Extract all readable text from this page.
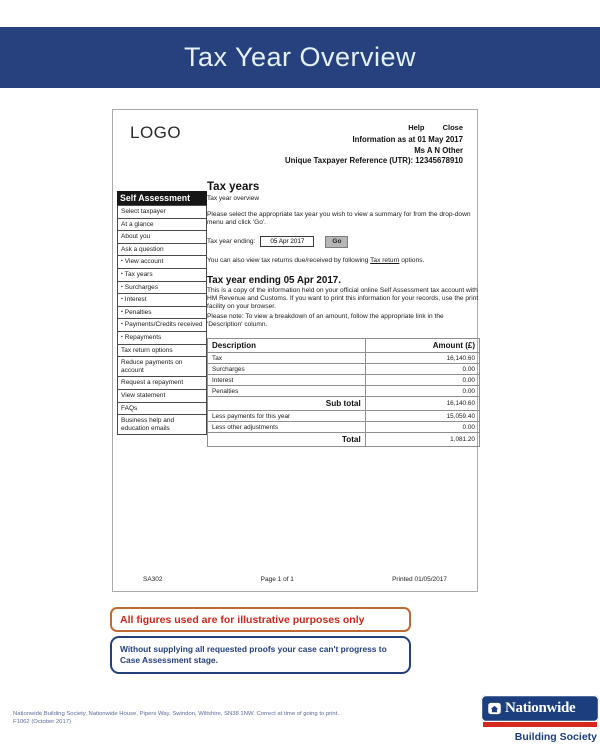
Tax Year Overview
LOGO	Help Close
Information as at 01 May 2017
Ms A N Other
Unique Taxpayer Reference (UTR): 12345678910
Self Assessment
Select taxpayer
At a glance
About you
Ask a question
▪ View account
▪ Tax years
▪ Surcharges
▪ Interest
▪ Penalties
▪ Payments/Credits received
▪ Repayments
Tax return options
Reduce payments on account
Request a repayment
View statement
FAQs
Business help and education emails
Tax years
Tax year overview

Please select the appropriate tax year you wish to view a summary for from the drop-down menu and click 'Go'.

Tax year ending:
05 Apr 2017	Go

You can also view tax returns due/received by following Tax return options.

Tax year ending 05 Apr 2017.

This is a copy of the information held on your official online Self Assessment tax account with HM Revenue and Customs. If you want to print this information for your records, use the print facility on your browser.

Please note: To view a breakdown of an amount, follow the appropriate link in the 'Description' column.

Description	Amount (£)
Tax	16,140.60
Surcharges	0.00
Interest	0.00
Penalties	0.00
Sub total	16,140.60
Less payments for this year	15,059.40
Less other adjustments	0.00
Total	1,081.20
SA302	Page 1 of 1	Printed 01/05/2017
All figures used are for illustrative purposes only
Without supplying all requested proofs your case can't progress to Case Assessment stage.
Nationwide Building Society, Nationwide House, Pipers Way, Swindon, Wiltshire, SN38 1NW. Correct at time of going to print.
F1062 (October 2017)
Nationwide
Building Society
